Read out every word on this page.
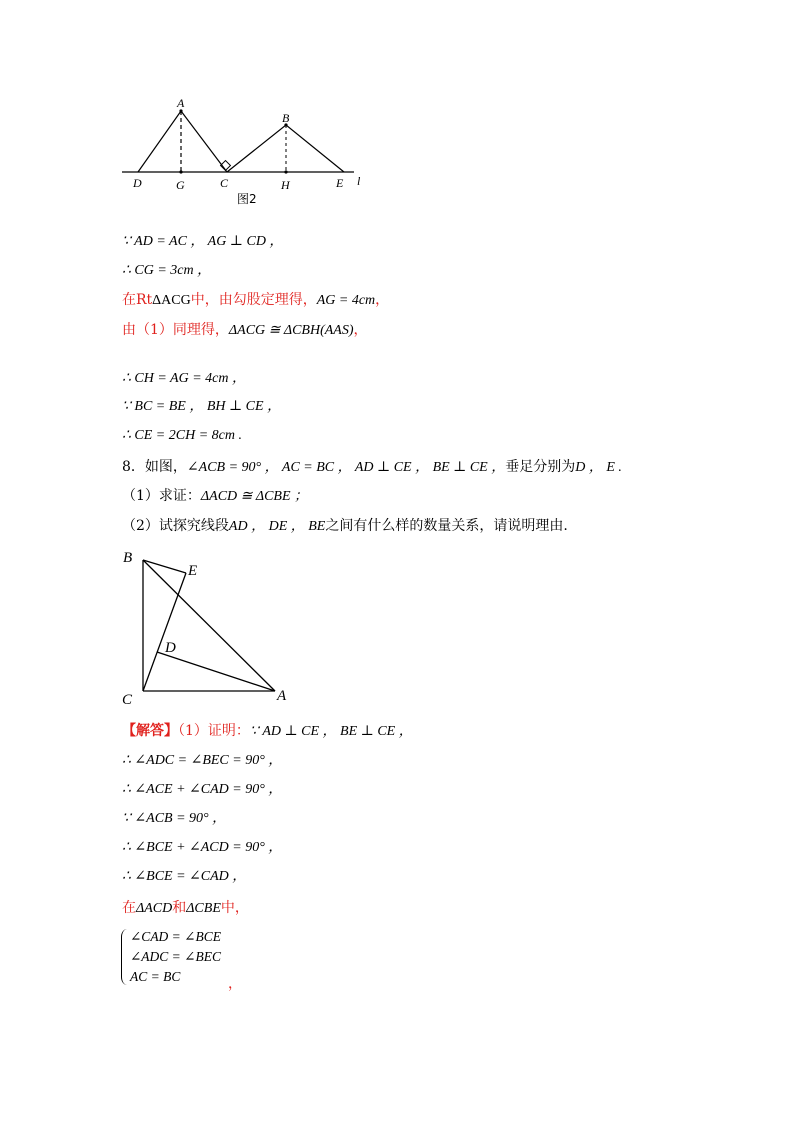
A
B
D	G	C	H	E l
图2
∵ AD = AC ， AG ⊥ CD ，
∴ CG = 3cm ，
在RtΔACG中，由勾股定理得，AG = 4cm，
由（1）同理得，ΔACG ≅ ΔCBH(AAS)，
∴ CH = AG = 4cm ，
∵ BC = BE ， BH ⊥ CE ，
∴ CE = 2CH = 8cm .
8．如图，∠ACB = 90° ， AC = BC ， AD ⊥ CE ， BE ⊥ CE ，垂足分别为D ， E .
（1）求证：ΔACD ≅ ΔCBE ；
（2）试探究线段AD ， DE ， BE之间有什么样的数量关系，请说明理由.
B
E
D
C	A
【解答】（1）证明：∵ AD ⊥ CE ， BE ⊥ CE ，
∴ ∠ADC = ∠BEC = 90° ，
∴ ∠ACE + ∠CAD = 90° ，
∵ ∠ACB = 90° ，
∴ ∠BCE + ∠ACD = 90° ，
∴ ∠BCE = ∠CAD ，
在ΔACD和ΔCBE中，
∠CAD = ∠BCE
∠ADC = ∠BEC
AC = BC	，
